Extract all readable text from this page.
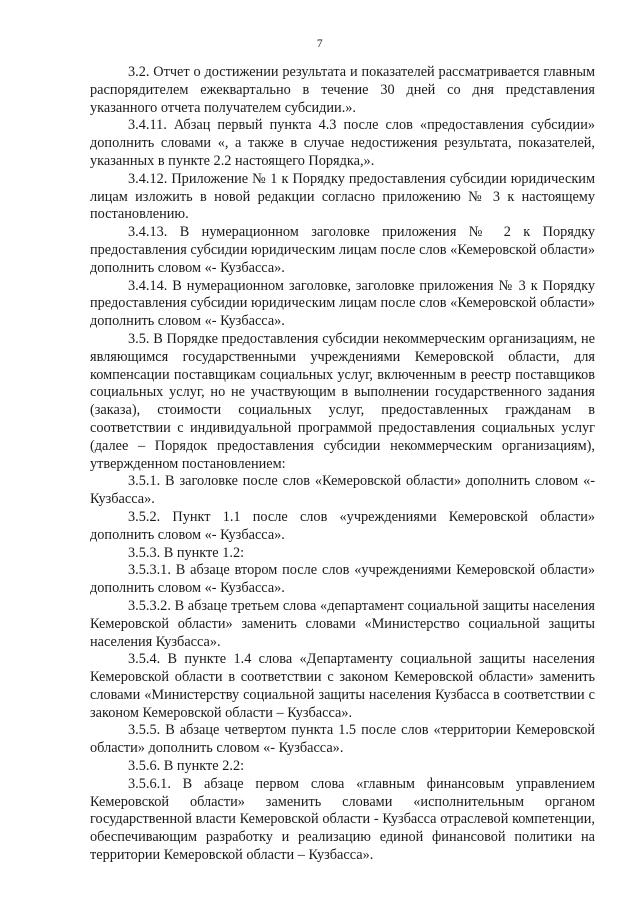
7

3.2. Отчет о достижении результата и показателей рассматривается главным распорядителем ежеквартально в течение 30 дней со дня представления указанного отчета получателем субсидии.».

3.4.11. Абзац первый пункта 4.3 после слов «предоставления субсидии» дополнить словами «, а также в случае недостижения результата, показателей, указанных в пункте 2.2 настоящего Порядка,».

3.4.12. Приложение № 1 к Порядку предоставления субсидии юридическим лицам изложить в новой редакции согласно приложению № 3 к настоящему постановлению.

3.4.13. В нумерационном заголовке приложения № 2 к Порядку предоставления субсидии юридическим лицам после слов «Кемеровской области» дополнить словом «- Кузбасса».

3.4.14. В нумерационном заголовке, заголовке приложения № 3 к Порядку предоставления субсидии юридическим лицам после слов «Кемеровской области» дополнить словом «- Кузбасса».

3.5. В Порядке предоставления субсидии некоммерческим организациям, не являющимся государственными учреждениями Кемеровской области, для компенсации поставщикам социальных услуг, включенным в реестр поставщиков социальных услуг, но не участвующим в выполнении государственного задания (заказа), стоимости социальных услуг, предоставленных гражданам в соответствии с индивидуальной программой предоставления социальных услуг (далее – Порядок предоставления субсидии некоммерческим организациям), утвержденном постановлением:

3.5.1. В заголовке после слов «Кемеровской области» дополнить словом «- Кузбасса».

3.5.2. Пункт 1.1 после слов «учреждениями Кемеровской области» дополнить словом «- Кузбасса».

3.5.3. В пункте 1.2:

3.5.3.1. В абзаце втором после слов «учреждениями Кемеровской области» дополнить словом «- Кузбасса».

3.5.3.2. В абзаце третьем слова «департамент социальной защиты населения Кемеровской области» заменить словами «Министерство социальной защиты населения Кузбасса».

3.5.4. В пункте 1.4 слова «Департаменту социальной защиты населения Кемеровской области в соответствии с законом Кемеровской области» заменить словами «Министерству социальной защиты населения Кузбасса в соответствии с законом Кемеровской области – Кузбасса».

3.5.5. В абзаце четвертом пункта 1.5 после слов «территории Кемеровской области» дополнить словом «- Кузбасса».

3.5.6. В пункте 2.2:

3.5.6.1. В абзаце первом слова «главным финансовым управлением Кемеровской области» заменить словами «исполнительным органом государственной власти Кемеровской области - Кузбасса отраслевой компетенции, обеспечивающим разработку и реализацию единой финансовой политики на территории Кемеровской области – Кузбасса».
